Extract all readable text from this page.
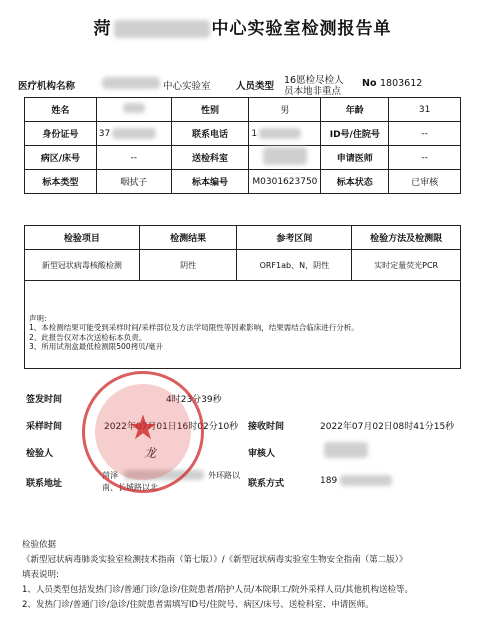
菏	中心实验室检测报告单
医疗机构名称	中心实验室	人员类型
16愿检尽检人
员本地非重点
No 1803612
姓名		性别	男	年龄	31
身份证号	37	联系电话	1	ID号/住院号	--
病区/床号	--	送检科室		申请医师	--
标本类型	咽拭子	标本编号	M0301623750	标本状态	已审核
检验项目	检测结果	参考区间	检验方法及检测限
新型冠状病毒核酸检测	阴性	ORF1ab、N，阴性	实时定量荧光PCR
声明:
1、本检测结果可能受到采样时间/采样部位及方法学局限性等因素影响，结果需结合临床进行分析。
2、此报告仅对本次送检标本负责。
3、所用试剂盒最低检测限500拷贝/毫升
签发时间	4时23分39秒
采样时间	2022年07月01日16时02分10秒 接收时间	2022年07月02日08时41分15秒
检验人	龙	审核人
联系地址
菏泽	外环路以
南、长城路以北	联系方式	189
★
检验依据
《新型冠状病毒肺炎实验室检测技术指南（第七版）》/《新型冠状病毒实验室生物安全指南（第二版）》
填表说明:
1、人员类型包括发热门诊/普通门诊/急诊/住院患者/陪护人员/本院职工/院外采样人员/其他机构送检等。
2、发热门诊/普通门诊/急诊/住院患者需填写ID号/住院号、病区/床号、送检科室、申请医师。
